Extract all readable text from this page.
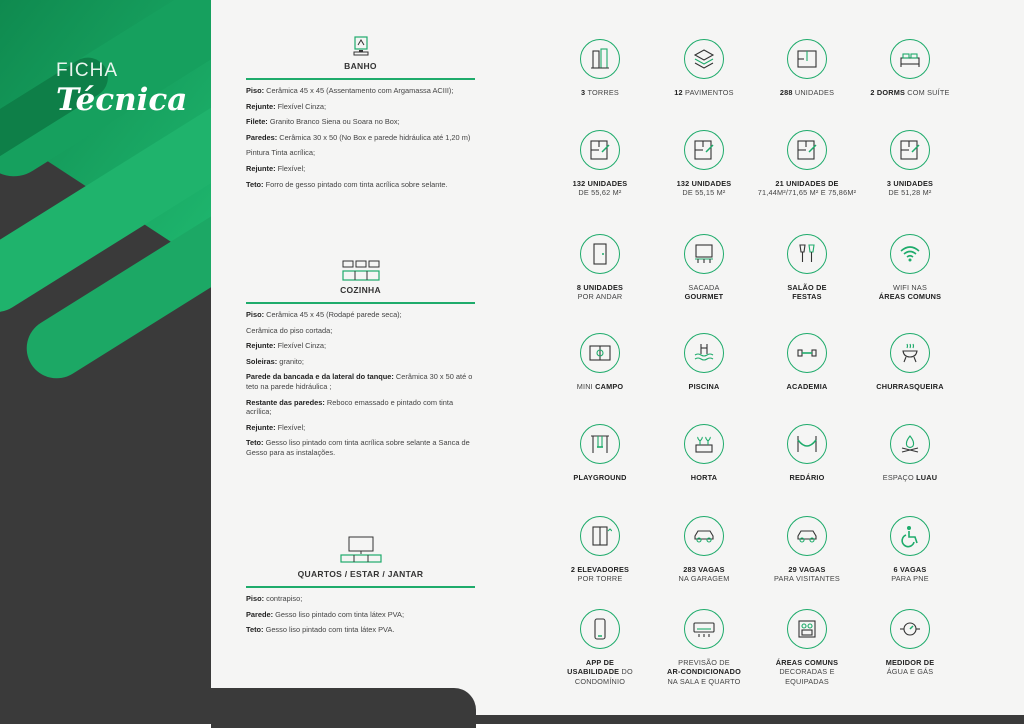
FICHA
Técnica
BANHO
Piso: Cerâmica 45 x 45 (Assentamento com Argamassa ACIII);
Rejunte: Flexível Cinza;
Filete: Granito Branco Siena ou Soara no Box;
Paredes: Cerâmica 30 x 50 (No Box e parede hidráulica até 1,20 m)
Pintura Tinta acrílica;
Rejunte: Flexível;
Teto: Forro de gesso pintado com tinta acrílica sobre selante.
COZINHA
Piso: Cerâmica 45 x 45 (Rodapé parede seca);
Cerâmica do piso cortada;
Rejunte: Flexível Cinza;
Soleiras: granito;
Parede da bancada e da lateral do tanque: Cerâmica 30 x 50 até o teto na parede hidráulica ;
Restante das paredes: Reboco emassado e pintado com tinta acrílica;
Rejunte: Flexível;
Teto: Gesso liso pintado com tinta acrílica sobre selante a Sanca de Gesso para as instalações.
QUARTOS / ESTAR / JANTAR
Piso: contrapiso;
Parede: Gesso liso pintado com tinta látex PVA;
Teto: Gesso liso pintado com tinta látex PVA.
3 TORRES	12 PAVIMENTOS	288 UNIDADES	2 DORMS COM SUÍTE
132 UNIDADES
DE 55,62 M²
132 UNIDADES
DE 55,15 M²
21 UNIDADES DE
71,44M²/71,65 M² E 75,86M²
3 UNIDADES
DE 51,28 M²
8 UNIDADES
POR ANDAR
SACADA
GOURMET
SALÃO DE
FESTAS
WIFI NAS
ÁREAS COMUNS
MINI CAMPO	PISCINA	ACADEMIA	CHURRASQUEIRA
PLAYGROUND	HORTA	REDÁRIO	ESPAÇO LUAU
2 ELEVADORES
POR TORRE
283 VAGAS
NA GARAGEM
29 VAGAS
PARA VISITANTES
6 VAGAS
PARA PNE
APP DE
USABILIDADE DO
CONDOMÍNIO
PREVISÃO DE
AR-CONDICIONADO
NA SALA E QUARTO
ÁREAS COMUNS
DECORADAS E
EQUIPADAS
MEDIDOR DE
ÁGUA E GÁS
